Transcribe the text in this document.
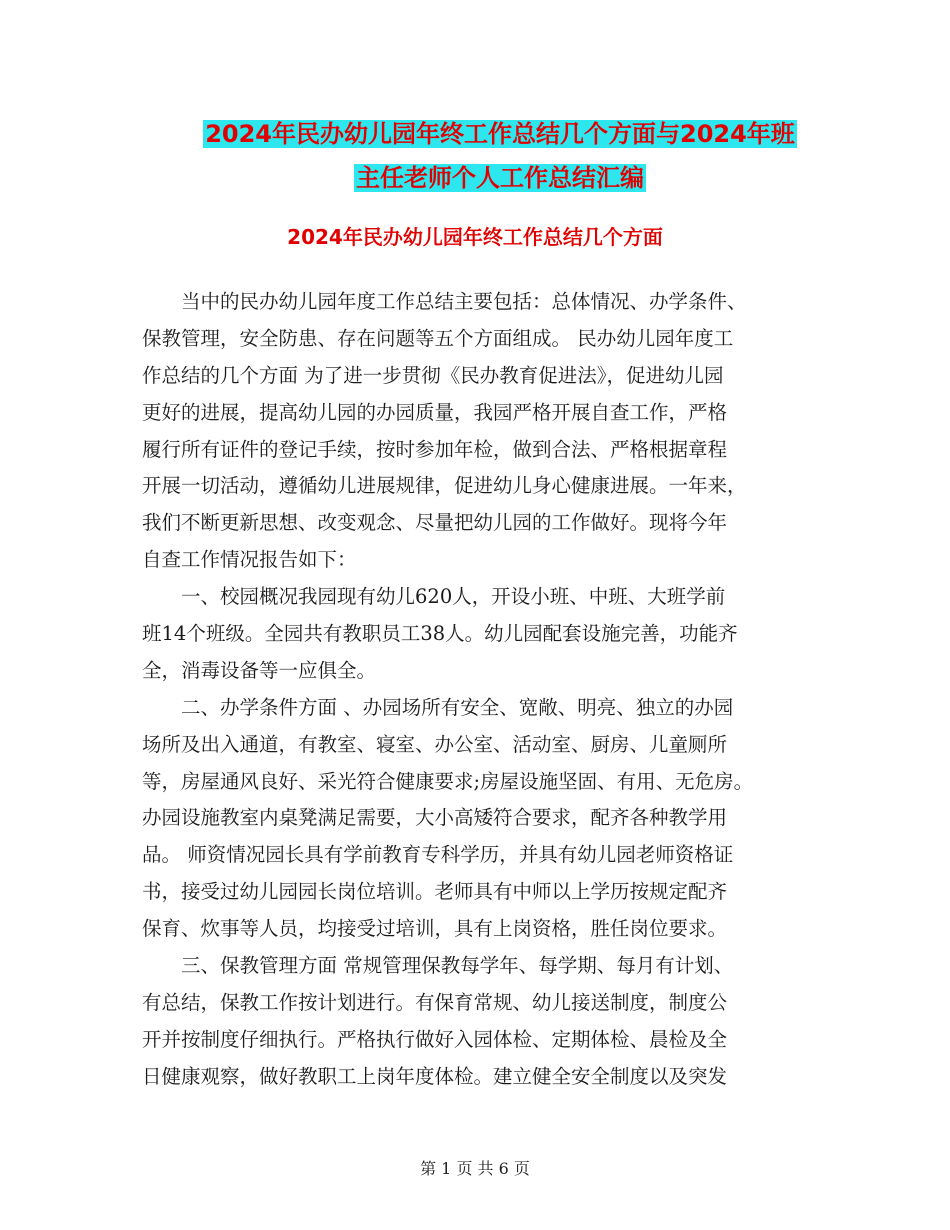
2024年民办幼儿园年终工作总结几个方面与2024年班
主任老师个人工作总结汇编
2024年民办幼儿园年终工作总结几个方面
　　当中的民办幼儿园年度工作总结主要包括：总体情况、办学条件、
保教管理，安全防患、存在问题等五个方面组成。 民办幼儿园年度工
作总结的几个方面 为了进一步贯彻《民办教育促进法》，促进幼儿园
更好的进展，提高幼儿园的办园质量，我园严格开展自查工作，严格
履行所有证件的登记手续，按时参加年检，做到合法、严格根据章程
开展一切活动，遵循幼儿进展规律，促进幼儿身心健康进展。一年来，
我们不断更新思想、改变观念、尽量把幼儿园的工作做好。现将今年
自查工作情况报告如下：
　　一、校园概况我园现有幼儿620人，开设小班、中班、大班学前
班14个班级。全园共有教职员工38人。幼儿园配套设施完善，功能齐
全，消毒设备等一应俱全。
　　二、办学条件方面 、办园场所有安全、宽敞、明亮、独立的办园
场所及出入通道，有教室、寝室、办公室、活动室、厨房、儿童厕所
等，房屋通风良好、采光符合健康要求;房屋设施坚固、有用、无危房。
办园设施教室内桌凳满足需要，大小高矮符合要求，配齐各种教学用
品。 师资情况园长具有学前教育专科学历，并具有幼儿园老师资格证
书，接受过幼儿园园长岗位培训。老师具有中师以上学历按规定配齐
保育、炊事等人员，均接受过培训，具有上岗资格，胜任岗位要求。
　　三、保教管理方面 常规管理保教每学年、每学期、每月有计划、
有总结，保教工作按计划进行。有保育常规、幼儿接送制度，制度公
开并按制度仔细执行。严格执行做好入园体检、定期体检、晨检及全
日健康观察，做好教职工上岗年度体检。建立健全安全制度以及突发
第 1 页 共 6 页
